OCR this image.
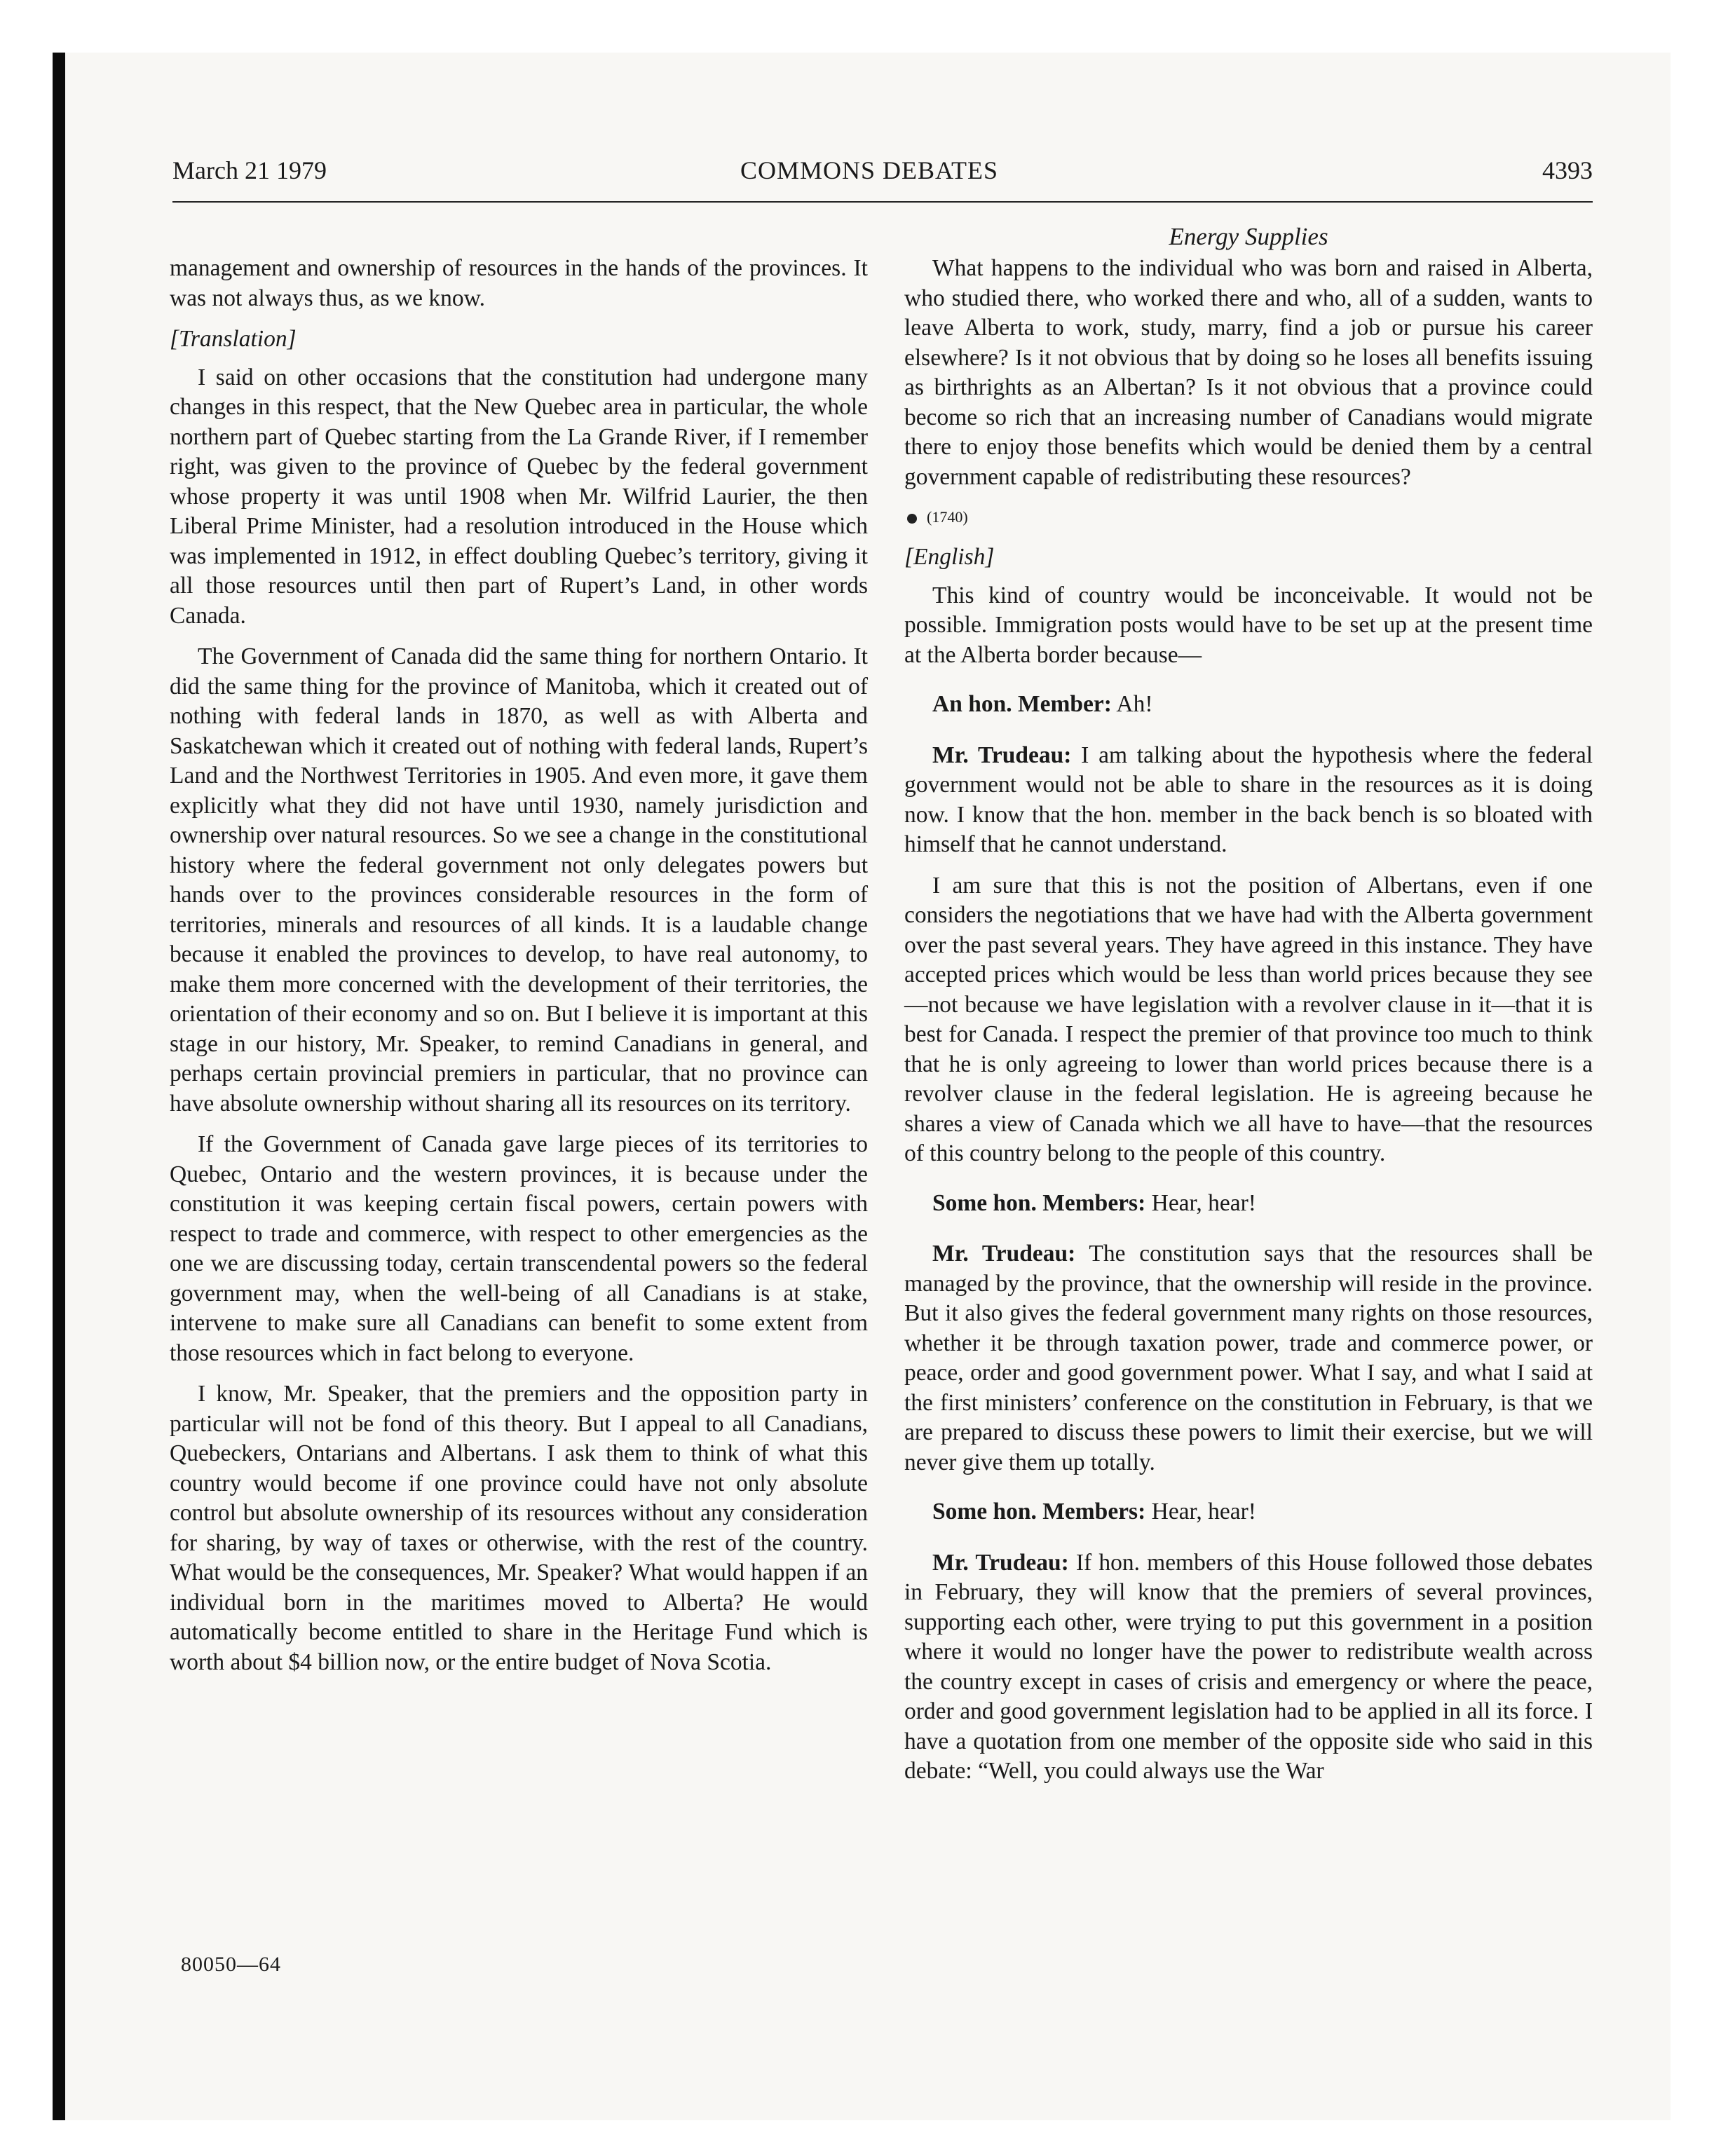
March 21 1979	COMMONS DEBATES	4393
Energy Supplies

management and ownership of resources in the hands of the provinces. It was not always thus, as we know.

[Translation]

I said on other occasions that the constitution had undergone many changes in this respect, that the New Quebec area in particular, the whole northern part of Quebec starting from the La Grande River, if I remember right, was given to the province of Quebec by the federal government whose property it was until 1908 when Mr. Wilfrid Laurier, the then Liberal Prime Minister, had a resolution introduced in the House which was implemented in 1912, in effect doubling Quebec’s territory, giving it all those resources until then part of Rupert’s Land, in other words Canada.

The Government of Canada did the same thing for northern Ontario. It did the same thing for the province of Manitoba, which it created out of nothing with federal lands in 1870, as well as with Alberta and Saskatchewan which it created out of nothing with federal lands, Rupert’s Land and the Northwest Territories in 1905. And even more, it gave them explicitly what they did not have until 1930, namely jurisdiction and ownership over natural resources. So we see a change in the constitutional history where the federal government not only delegates powers but hands over to the provinces considerable resources in the form of territories, minerals and resources of all kinds. It is a laudable change because it enabled the provinces to develop, to have real autonomy, to make them more concerned with the development of their territories, the orientation of their economy and so on. But I believe it is important at this stage in our history, Mr. Speaker, to remind Canadians in general, and perhaps certain provincial premiers in particular, that no province can have absolute ownership without sharing all its resources on its territory.

If the Government of Canada gave large pieces of its territories to Quebec, Ontario and the western provinces, it is because under the constitution it was keeping certain fiscal powers, certain powers with respect to trade and commerce, with respect to other emergencies as the one we are discussing today, certain transcendental powers so the federal government may, when the well-being of all Canadians is at stake, intervene to make sure all Canadians can benefit to some extent from those resources which in fact belong to everyone.

I know, Mr. Speaker, that the premiers and the opposition party in particular will not be fond of this theory. But I appeal to all Canadians, Quebeckers, Ontarians and Albertans. I ask them to think of what this country would become if one province could have not only absolute control but absolute ownership of its resources without any consideration for sharing, by way of taxes or otherwise, with the rest of the country. What would be the consequences, Mr. Speaker? What would happen if an individual born in the maritimes moved to Alberta? He would automatically become entitled to share in the Heritage Fund which is worth about $4 billion now, or the entire budget of Nova Scotia.

What happens to the individual who was born and raised in Alberta, who studied there, who worked there and who, all of a sudden, wants to leave Alberta to work, study, marry, find a job or pursue his career elsewhere? Is it not obvious that by doing so he loses all benefits issuing as birthrights as an Albertan? Is it not obvious that a province could become so rich that an increasing number of Canadians would migrate there to enjoy those benefits which would be denied them by a central government capable of redistributing these resources?

(1740)

[English]

This kind of country would be inconceivable. It would not be possible. Immigration posts would have to be set up at the present time at the Alberta border because—

An hon. Member: Ah!

Mr. Trudeau: I am talking about the hypothesis where the federal government would not be able to share in the resources as it is doing now. I know that the hon. member in the back bench is so bloated with himself that he cannot understand.

I am sure that this is not the position of Albertans, even if one considers the negotiations that we have had with the Alberta government over the past several years. They have agreed in this instance. They have accepted prices which would be less than world prices because they see—not because we have legislation with a revolver clause in it—that it is best for Canada. I respect the premier of that province too much to think that he is only agreeing to lower than world prices because there is a revolver clause in the federal legislation. He is agreeing because he shares a view of Canada which we all have to have—that the resources of this country belong to the people of this country.

Some hon. Members: Hear, hear!

Mr. Trudeau: The constitution says that the resources shall be managed by the province, that the ownership will reside in the province. But it also gives the federal government many rights on those resources, whether it be through taxation power, trade and commerce power, or peace, order and good government power. What I say, and what I said at the first ministers’ conference on the constitution in February, is that we are prepared to discuss these powers to limit their exercise, but we will never give them up totally.

Some hon. Members: Hear, hear!

Mr. Trudeau: If hon. members of this House followed those debates in February, they will know that the premiers of several provinces, supporting each other, were trying to put this government in a position where it would no longer have the power to redistribute wealth across the country except in cases of crisis and emergency or where the peace, order and good government legislation had to be applied in all its force. I have a quotation from one member of the opposite side who said in this debate: “Well, you could always use the War

80050—64
